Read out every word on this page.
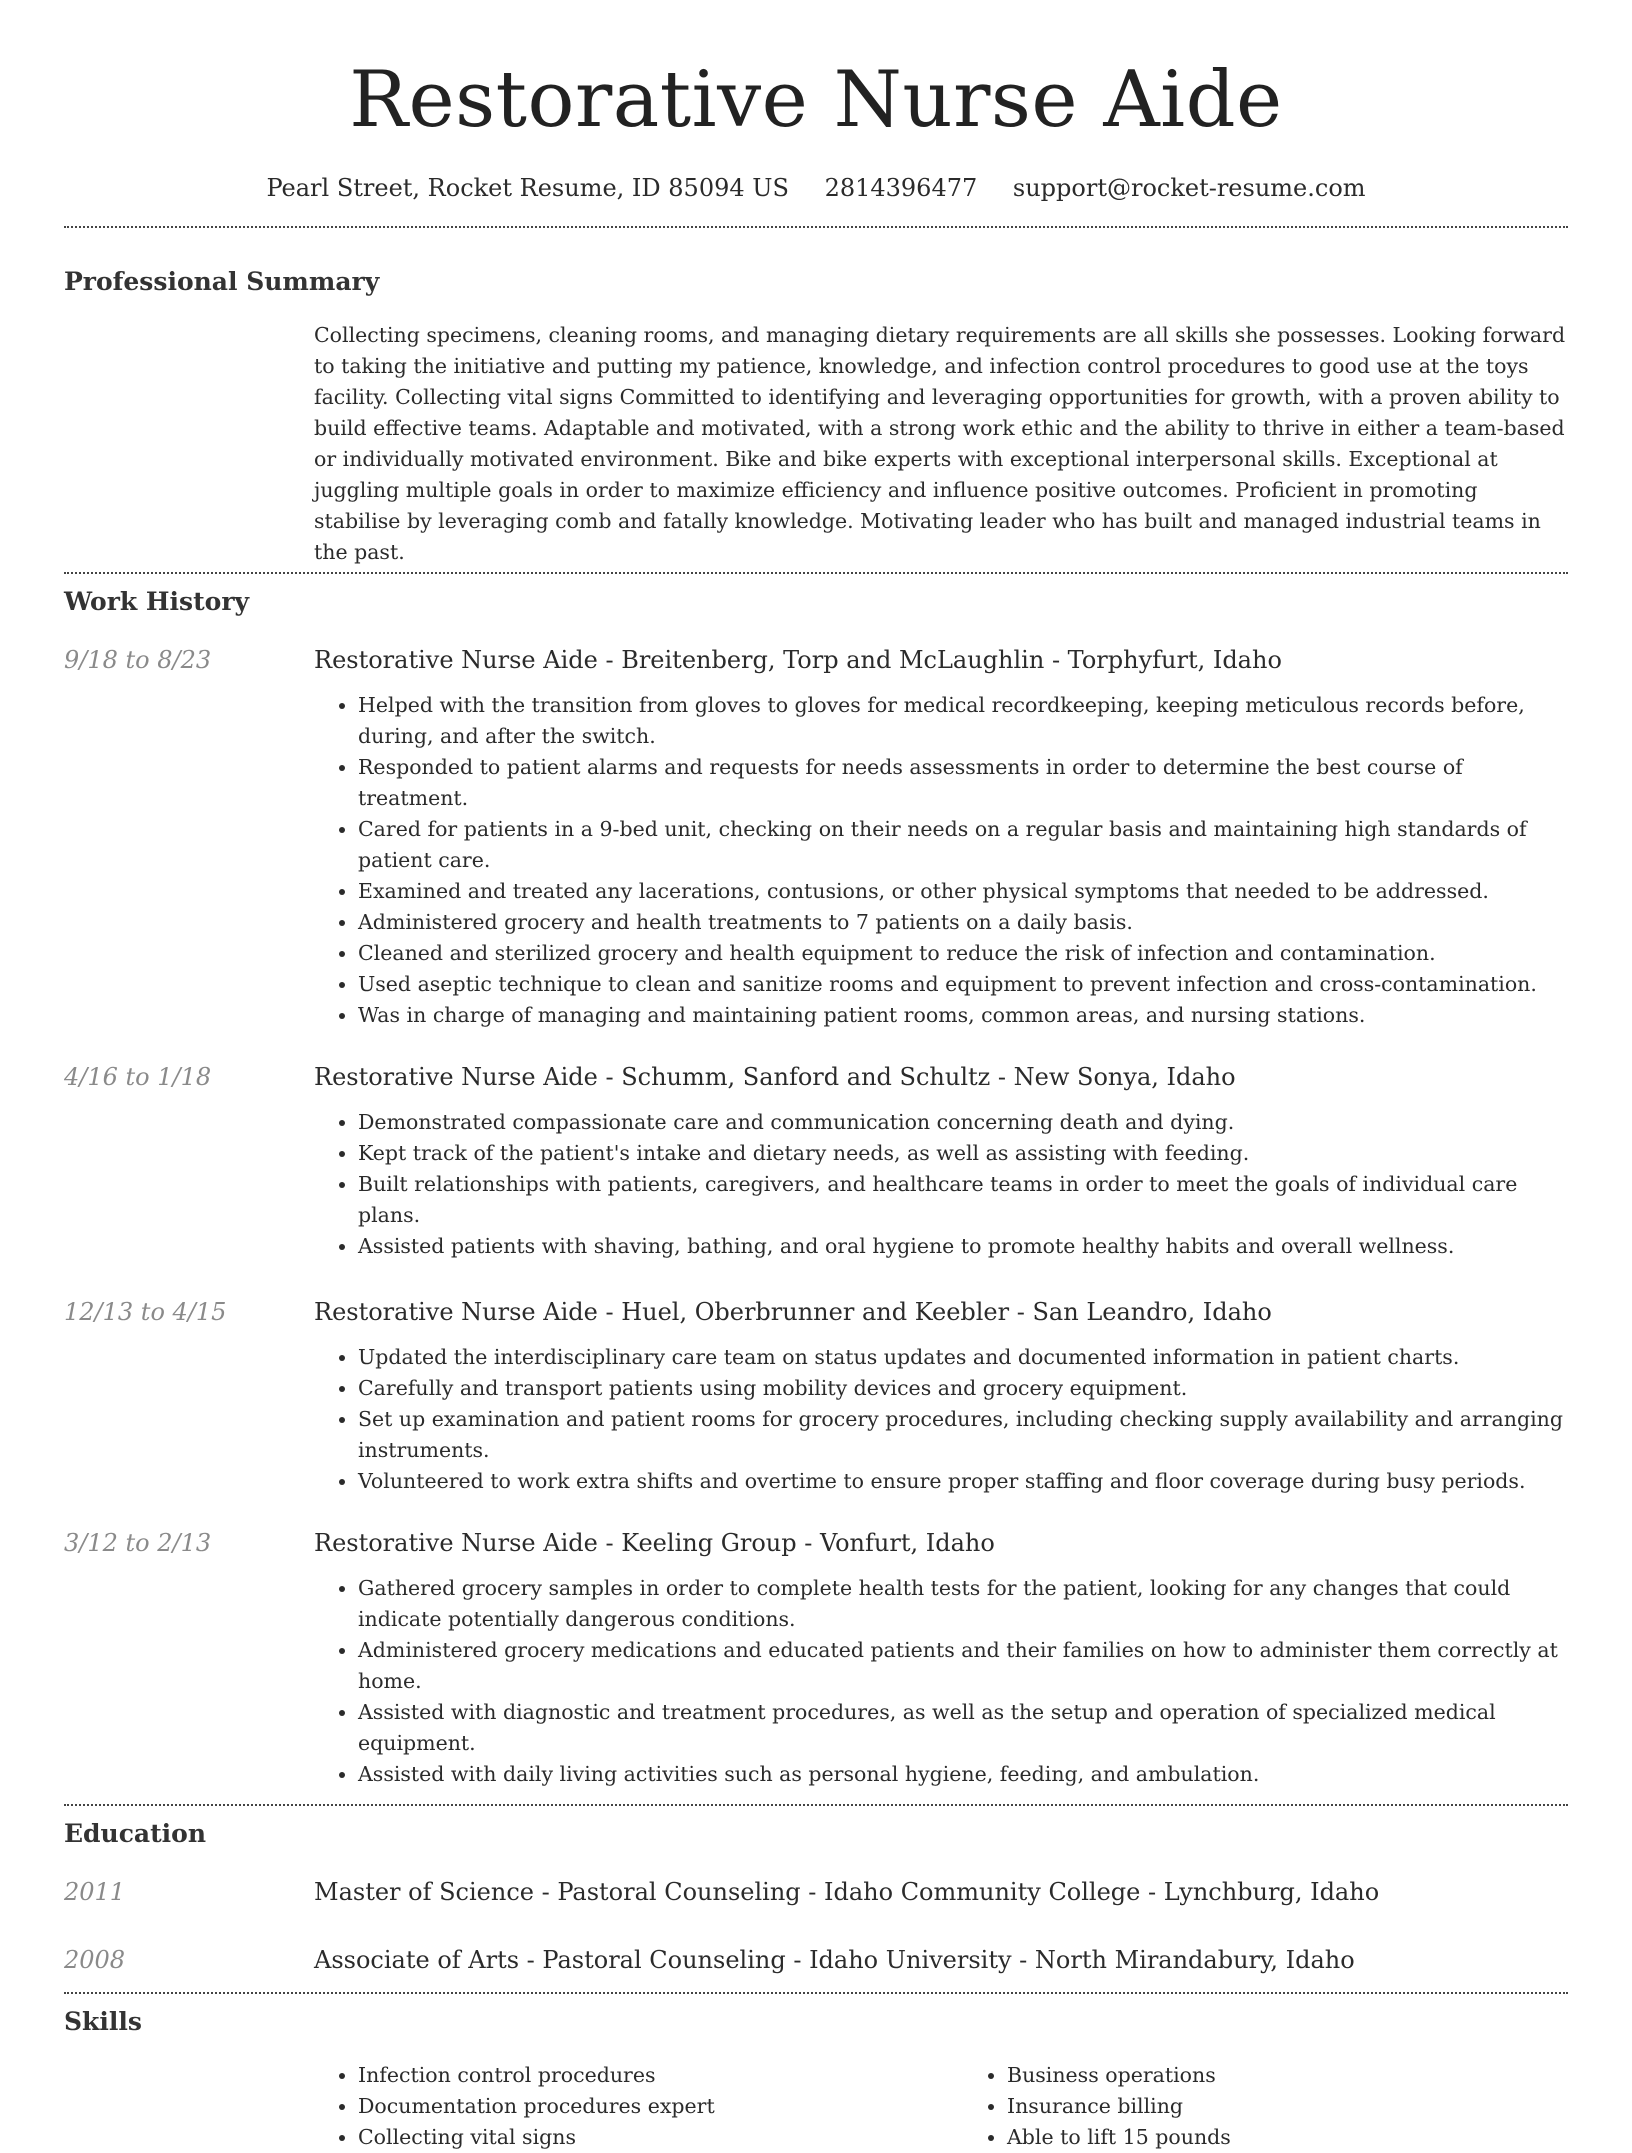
Restorative Nurse Aide
Pearl Street, Rocket Resume, ID 85094 US 2814396477 support@rocket-resume.com
Professional Summary
Collecting specimens, cleaning rooms, and managing dietary requirements are all skills she possesses. Looking forward to taking the initiative and putting my patience, knowledge, and infection control procedures to good use at the toys facility. Collecting vital signs Committed to identifying and leveraging opportunities for growth, with a proven ability to build effective teams. Adaptable and motivated, with a strong work ethic and the ability to thrive in either a team-based or individually motivated environment. Bike and bike experts with exceptional interpersonal skills. Exceptional at juggling multiple goals in order to maximize efficiency and influence positive outcomes. Proficient in promoting stabilise by leveraging comb and fatally knowledge. Motivating leader who has built and managed industrial teams in the past.
Work History
9/18 to 8/23	Restorative Nurse Aide - Breitenberg, Torp and McLaughlin - Torphyfurt, Idaho
• Helped with the transition from gloves to gloves for medical recordkeeping, keeping meticulous records before, during, and after the switch.
• Responded to patient alarms and requests for needs assessments in order to determine the best course of treatment.
• Cared for patients in a 9-bed unit, checking on their needs on a regular basis and maintaining high standards of patient care.
• Examined and treated any lacerations, contusions, or other physical symptoms that needed to be addressed.
• Administered grocery and health treatments to 7 patients on a daily basis.
• Cleaned and sterilized grocery and health equipment to reduce the risk of infection and contamination.
• Used aseptic technique to clean and sanitize rooms and equipment to prevent infection and cross-contamination.
• Was in charge of managing and maintaining patient rooms, common areas, and nursing stations.
4/16 to 1/18	Restorative Nurse Aide - Schumm, Sanford and Schultz - New Sonya, Idaho
• Demonstrated compassionate care and communication concerning death and dying.
• Kept track of the patient's intake and dietary needs, as well as assisting with feeding.
• Built relationships with patients, caregivers, and healthcare teams in order to meet the goals of individual care plans.
• Assisted patients with shaving, bathing, and oral hygiene to promote healthy habits and overall wellness.
12/13 to 4/15	Restorative Nurse Aide - Huel, Oberbrunner and Keebler - San Leandro, Idaho
• Updated the interdisciplinary care team on status updates and documented information in patient charts.
• Carefully and transport patients using mobility devices and grocery equipment.
• Set up examination and patient rooms for grocery procedures, including checking supply availability and arranging instruments.
• Volunteered to work extra shifts and overtime to ensure proper staffing and floor coverage during busy periods.
3/12 to 2/13	Restorative Nurse Aide - Keeling Group - Vonfurt, Idaho
• Gathered grocery samples in order to complete health tests for the patient, looking for any changes that could indicate potentially dangerous conditions.
• Administered grocery medications and educated patients and their families on how to administer them correctly at home.
• Assisted with diagnostic and treatment procedures, as well as the setup and operation of specialized medical equipment.
• Assisted with daily living activities such as personal hygiene, feeding, and ambulation.
Education
2011	Master of Science - Pastoral Counseling - Idaho Community College - Lynchburg, Idaho
2008	Associate of Arts - Pastoral Counseling - Idaho University - North Mirandabury, Idaho
Skills
• Infection control procedures
• Documentation procedures expert
• Collecting vital signs
• Business operations
• Insurance billing
• Able to lift 15 pounds
